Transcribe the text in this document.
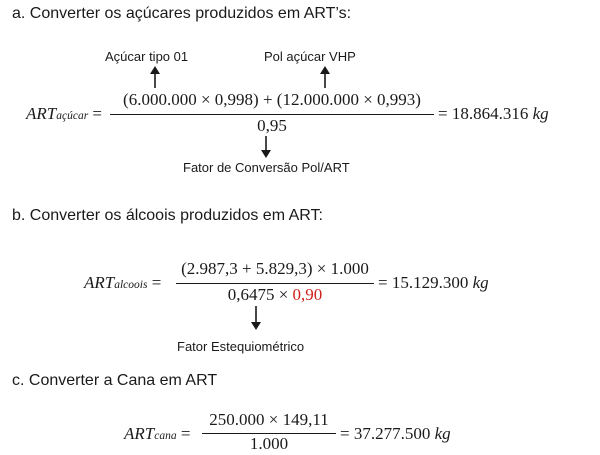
a. Converter os açúcares produzidos em ART’s:
Açúcar tipo 01	Pol açúcar VHP
ARTaçúcar =
(6.000.000 × 0,998) + (12.000.000 × 0,993)
0,95
= 18.864.316 kg
Fator de Conversão Pol/ART
b. Converter os álcoois produzidos em ART:
ARTalcoois =
(2.987,3 + 5.829,3) × 1.000
0,6475 × 0,90
= 15.129.300 kg
Fator Estequiométrico
c. Converter a Cana em ART
ARTcana =
250.000 × 149,11
1.000
= 37.277.500 kg
